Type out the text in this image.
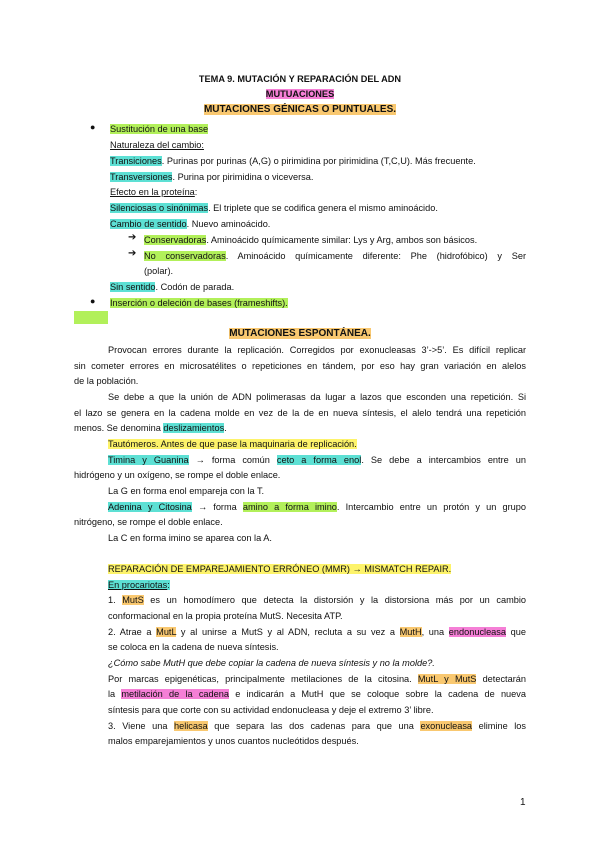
TEMA 9. MUTACIÓN Y REPARACIÓN DEL ADN
MUTUACIONES
MUTACIONES GÉNICAS O PUNTUALES.
● Sustitución de una base
Naturaleza del cambio:
Transiciones. Purinas por purinas (A,G) o pirimidina por pirimidina (T,C,U). Más frecuente.
Transversiones. Purina por pirimidina o viceversa.
Efecto en la proteína:
Silenciosas o sinónimas. El triplete que se codifica genera el mismo aminoácido.
Cambio de sentido. Nuevo aminoácido.
➔ Conservadoras. Aminoácido químicamente similar: Lys y Arg, ambos son básicos.
➔ No conservadoras. Aminoácido químicamente diferente: Phe (hidrofóbico) y Ser
(polar).
Sin sentido. Codón de parada.
● Inserción o deleción de bases (frameshifts).
MUTACIONES ESPONTÁNEA.
Provocan errores durante la replicación. Corregidos por exonucleasas 3’->5’. Es difícil replicar
sin cometer errores en microsatélites o repeticiones en tándem, por eso hay gran variación en alelos
de la población.
Se debe a que la unión de ADN polimerasas da lugar a lazos que esconden una repetición. Si
el lazo se genera en la cadena molde en vez de la de en nueva síntesis, el alelo tendrá una repetición
menos. Se denomina deslizamientos.
Tautómeros. Antes de que pase la maquinaria de replicación.
Timina y Guanina → forma común ceto a forma enol. Se debe a intercambios entre un
hidrógeno y un oxígeno, se rompe el doble enlace.
La G en forma enol empareja con la T.
Adenina y Citosina → forma amino a forma imino. Intercambio entre un protón y un grupo
nitrógeno, se rompe el doble enlace.
La C en forma imino se aparea con la A.
REPARACIÓN DE EMPAREJAMIENTO ERRÓNEO (MMR) → MISMATCH REPAIR.
En procariotas:
1. MutS es un homodímero que detecta la distorsión y la distorsiona más por un cambio
conformacional en la propia proteína MutS. Necesita ATP.
2. Atrae a MutL y al unirse a MutS y al ADN, recluta a su vez a MutH, una endonucleasa que
se coloca en la cadena de nueva síntesis.
¿Cómo sabe MutH que debe copiar la cadena de nueva síntesis y no la molde?.
Por marcas epigenéticas, principalmente metilaciones de la citosina. MutL y MutS detectarán
la metilación de la cadena e indicarán a MutH que se coloque sobre la cadena de nueva
síntesis para que corte con su actividad endonucleasa y deje el extremo 3’ libre.
3. Viene una helicasa que separa las dos cadenas para que una exonucleasa elimine los
malos emparejamientos y unos cuantos nucleótidos después.
1
